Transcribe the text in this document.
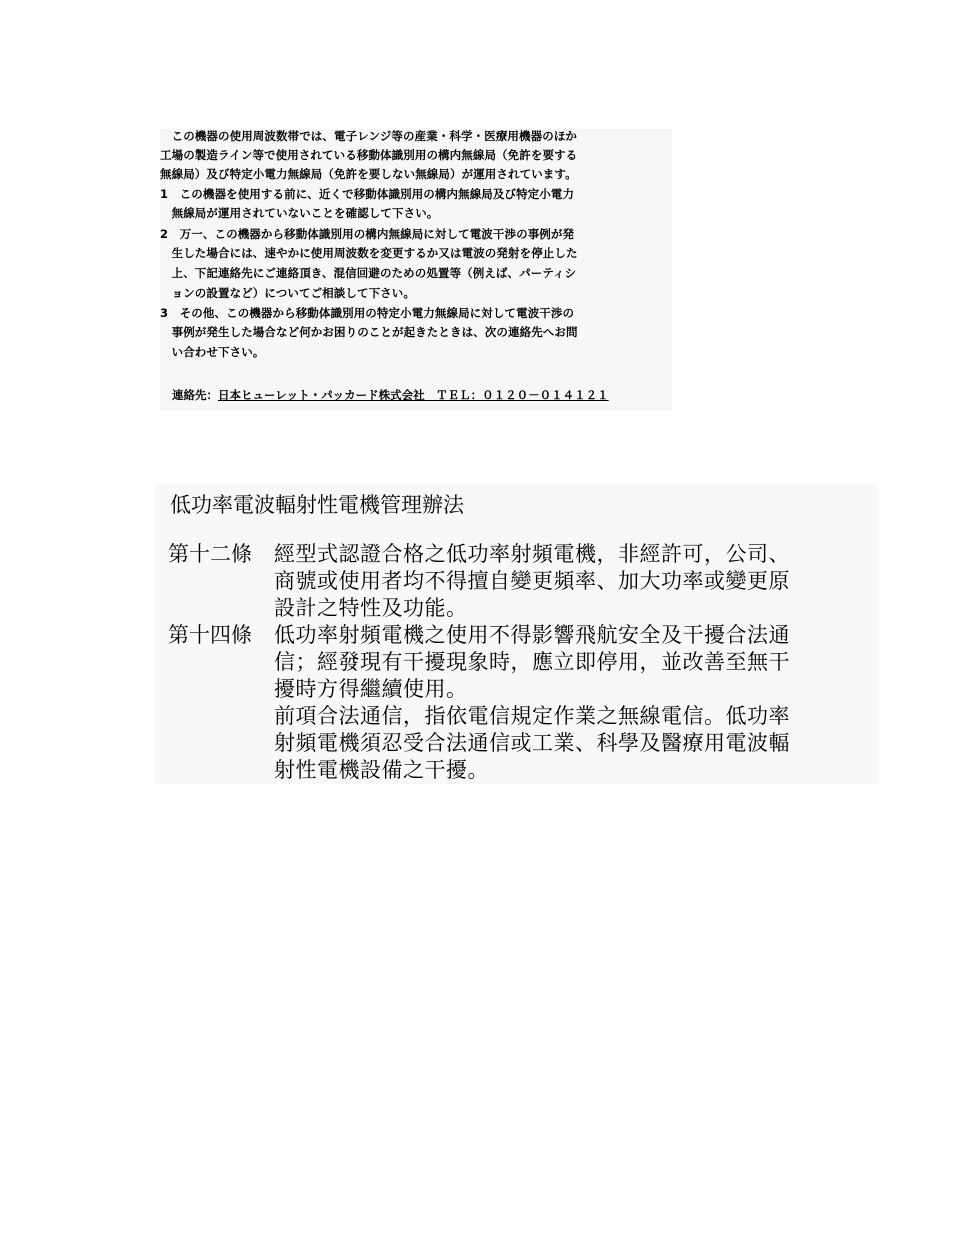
　この機器の使用周波数帯では、電子レンジ等の産業・科学・医療用機器のほか
工場の製造ライン等で使用されている移動体識別用の構内無線局（免許を要する
無線局）及び特定小電力無線局（免許を要しない無線局）が運用されています。
1　この機器を使用する前に、近くで移動体識別用の構内無線局及び特定小電力
　無線局が運用されていないことを確認して下さい。
2　万一、この機器から移動体識別用の構内無線局に対して電波干渉の事例が発
　生した場合には、速やかに使用周波数を変更するか又は電波の発射を停止した
　上、下記連絡先にご連絡頂き、混信回避のための処置等（例えば、パーティシ
　ョンの設置など）についてご相談して下さい。
3　その他、この機器から移動体識別用の特定小電力無線局に対して電波干渉の
　事例が発生した場合など何かお困りのことが起きたときは、次の連絡先へお問
　い合わせ下さい。
連絡先：日本ヒューレット・パッカード株式会社　ＴＥＬ：０１２０－０１４１２１
低功率電波輻射性電機管理辦法
第十二條	經型式認證合格之低功率射頻電機，非經許可，公司、
商號或使用者均不得擅自變更頻率、加大功率或變更原
設計之特性及功能。
第十四條	低功率射頻電機之使用不得影響飛航安全及干擾合法通
信；經發現有干擾現象時，應立即停用，並改善至無干
擾時方得繼續使用。
前項合法通信，指依電信規定作業之無線電信。低功率
射頻電機須忍受合法通信或工業、科學及醫療用電波輻
射性電機設備之干擾。
